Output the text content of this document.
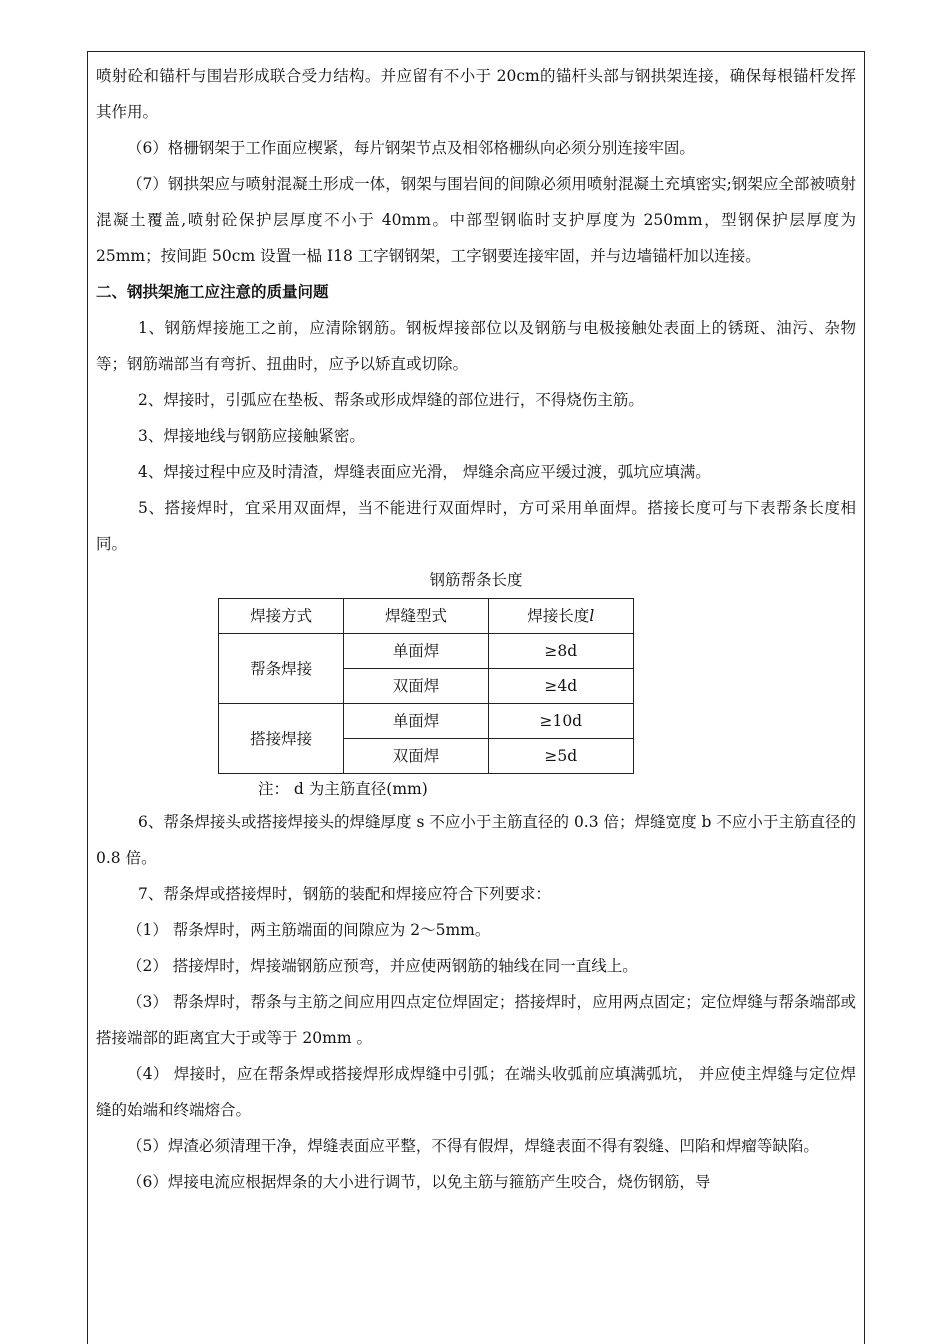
喷射砼和锚杆与围岩形成联合受力结构。并应留有不小于 20cm的锚杆头部与钢拱架连接，确保每根锚杆发挥其作用。

（6）格栅钢架于工作面应楔紧，每片钢架节点及相邻格栅纵向必须分别连接牢固。

（7）钢拱架应与喷射混凝土形成一体，钢架与围岩间的间隙必须用喷射混凝土充填密实;钢架应全部被喷射混凝土覆盖,喷射砼保护层厚度不小于 40mm。中部型钢临时支护厚度为 250mm，型钢保护层厚度为 25mm；按间距 50cm 设置一榀 I18 工字钢钢架，工字钢要连接牢固，并与边墙锚杆加以连接。

二、钢拱架施工应注意的质量问题

1、钢筋焊接施工之前，应清除钢筋。钢板焊接部位以及钢筋与电极接触处表面上的锈斑、油污、杂物等；钢筋端部当有弯折、扭曲时，应予以矫直或切除。

2、焊接时，引弧应在垫板、帮条或形成焊缝的部位进行，不得烧伤主筋。

3、焊接地线与钢筋应接触紧密。

4、焊接过程中应及时清渣，焊缝表面应光滑， 焊缝余高应平缓过渡，弧坑应填满。

5、搭接焊时，宜采用双面焊，当不能进行双面焊时，方可采用单面焊。搭接长度可与下表帮条长度相同。

钢筋帮条长度

焊接方式	焊缝型式	焊接长度l
帮条焊接	单面焊	≥8d
	双面焊	≥4d
搭接焊接	单面焊	≥10d
	双面焊	≥5d

注： d 为主筋直径(mm)

6、帮条焊接头或搭接焊接头的焊缝厚度 s 不应小于主筋直径的 0.3 倍；焊缝宽度 b 不应小于主筋直径的 0.8 倍。

7、帮条焊或搭接焊时，钢筋的装配和焊接应符合下列要求：

（1） 帮条焊时，两主筋端面的间隙应为 2～5mm。

（2） 搭接焊时，焊接端钢筋应预弯，并应使两钢筋的轴线在同一直线上。

（3） 帮条焊时，帮条与主筋之间应用四点定位焊固定；搭接焊时，应用两点固定；定位焊缝与帮条端部或搭接端部的距离宜大于或等于 20mm 。

（4） 焊接时，应在帮条焊或搭接焊形成焊缝中引弧；在端头收弧前应填满弧坑， 并应使主焊缝与定位焊缝的始端和终端熔合。

（5）焊渣必须清理干净，焊缝表面应平整，不得有假焊，焊缝表面不得有裂缝、凹陷和焊瘤等缺陷。

（6）焊接电流应根据焊条的大小进行调节，以免主筋与箍筋产生咬合，烧伤钢筋，导
